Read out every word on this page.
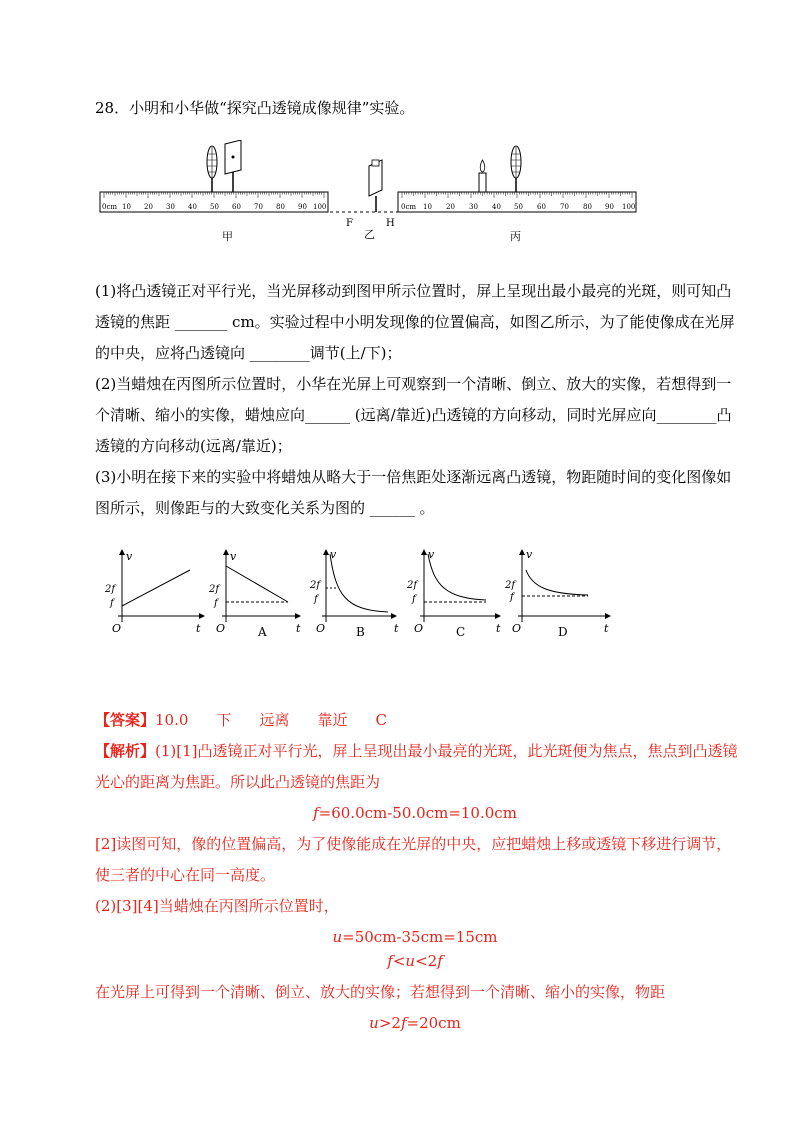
28．小明和小华做“探究凸透镜成像规律”实验。
0cm 10 20 30 40 50 60 70 80 90 100
甲
F	H
乙
0cm 10 20 30 40 50 60 70 80 90 100
丙
(1)将凸透镜正对平行光，当光屏移动到图甲所示位置时，屏上呈现出最小最亮的光斑，则可知凸
透镜的焦距 _______ cm。实验过程中小明发现像的位置偏高，如图乙所示，为了能使像成在光屏
的中央，应将凸透镜向 ________调节(上/下)；
(2)当蜡烛在丙图所示位置时，小华在光屏上可观察到一个清晰、倒立、放大的实像，若想得到一
个清晰、缩小的实像，蜡烛应向______ (远离/靠近)凸透镜的方向移动，同时光屏应向________凸
透镜的方向移动(远离/靠近)；
(3)小明在接下来的实验中将蜡烛从略大于一倍焦距处逐渐远离凸透镜，物距随时间的变化图像如
图所示，则像距与的大致变化关系为图的 ______ 。
v
2f
f
O	t
v
2f
f
O	t
A
v
2f
f
O	t
B
v
2f
f
O	t
C
v
2f
f
O	t
D
【答案】10.0 下 远离 靠近 C
【解析】(1)[1]凸透镜正对平行光，屏上呈现出最小最亮的光斑，此光斑便为焦点，焦点到凸透镜
光心的距离为焦距。所以此凸透镜的焦距为
f=60.0cm-50.0cm=10.0cm
[2]读图可知，像的位置偏高，为了使像能成在光屏的中央，应把蜡烛上移或透镜下移进行调节，
使三者的中心在同一高度。
(2)[3][4]当蜡烛在丙图所示位置时，
u=50cm-35cm=15cm
f<u<2f
在光屏上可得到一个清晰、倒立、放大的实像；若想得到一个清晰、缩小的实像，物距
u>2f=20cm
